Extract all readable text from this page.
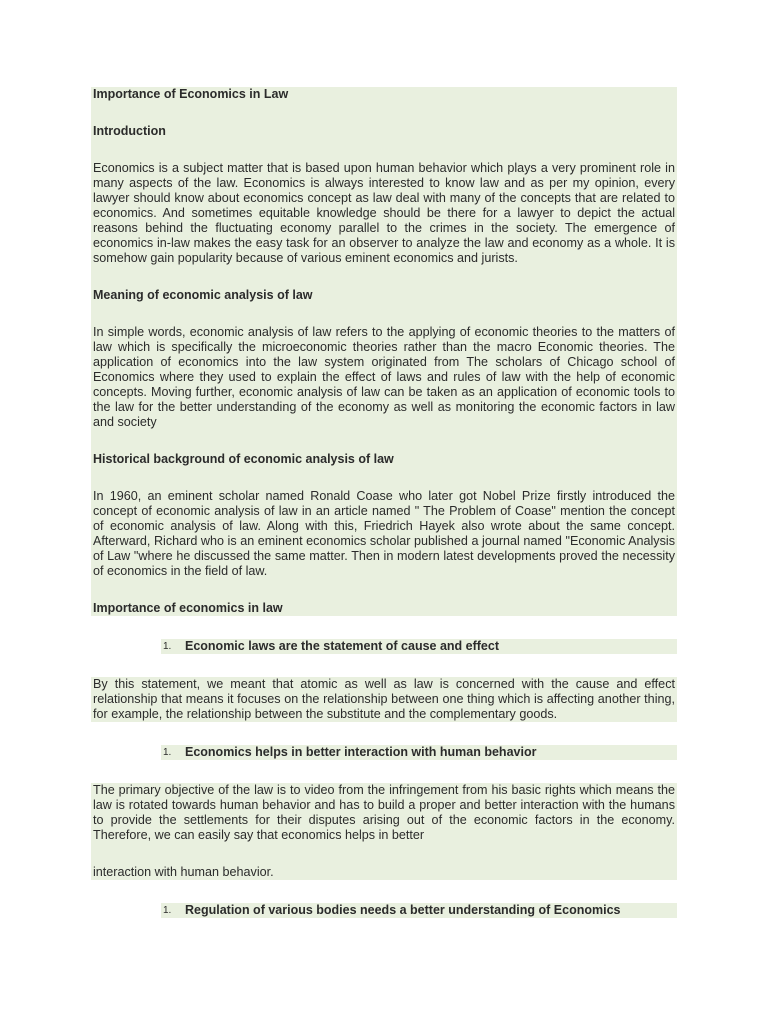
Importance of Economics in Law
Introduction
Economics is a subject matter that is based upon human behavior which plays a very prominent role in many aspects of the law. Economics is always interested to know law and as per my opinion, every lawyer should know about economics concept as law deal with many of the concepts that are related to economics. And sometimes equitable knowledge should be there for a lawyer to depict the actual reasons behind the fluctuating economy parallel to the crimes in the society. The emergence of economics in-law makes the easy task for an observer to analyze the law and economy as a whole. It is somehow gain popularity because of various eminent economics and jurists.
Meaning of economic analysis of law
In simple words, economic analysis of law refers to the applying of economic theories to the matters of law which is specifically the microeconomic theories rather than the macro Economic theories. The application of economics into the law system originated from The scholars of Chicago school of Economics where they used to explain the effect of laws and rules of law with the help of economic concepts. Moving further, economic analysis of law can be taken as an application of economic tools to the law for the better understanding of the economy as well as monitoring the economic factors in law and society
Historical background of economic analysis of law
In 1960, an eminent scholar named Ronald Coase who later got Nobel Prize firstly introduced the concept of economic analysis of law in an article named " The Problem of Coase" mention the concept of economic analysis of law. Along with this, Friedrich Hayek also wrote about the same concept. Afterward, Richard who is an eminent economics scholar published a journal named "Economic Analysis of Law "where he discussed the same matter. Then in modern latest developments proved the necessity of economics in the field of law.
Importance of economics in law
1.	Economic laws are the statement of cause and effect
By this statement, we meant that atomic as well as law is concerned with the cause and effect relationship that means it focuses on the relationship between one thing which is affecting another thing, for example, the relationship between the substitute and the complementary goods.
1.	Economics helps in better interaction with human behavior
The primary objective of the law is to video from the infringement from his basic rights which means the law is rotated towards human behavior and has to build a proper and better interaction with the humans to provide the settlements for their disputes arising out of the economic factors in the economy. Therefore, we can easily say that economics helps in better
interaction with human behavior.
1.	Regulation of various bodies needs a better understanding of Economics
